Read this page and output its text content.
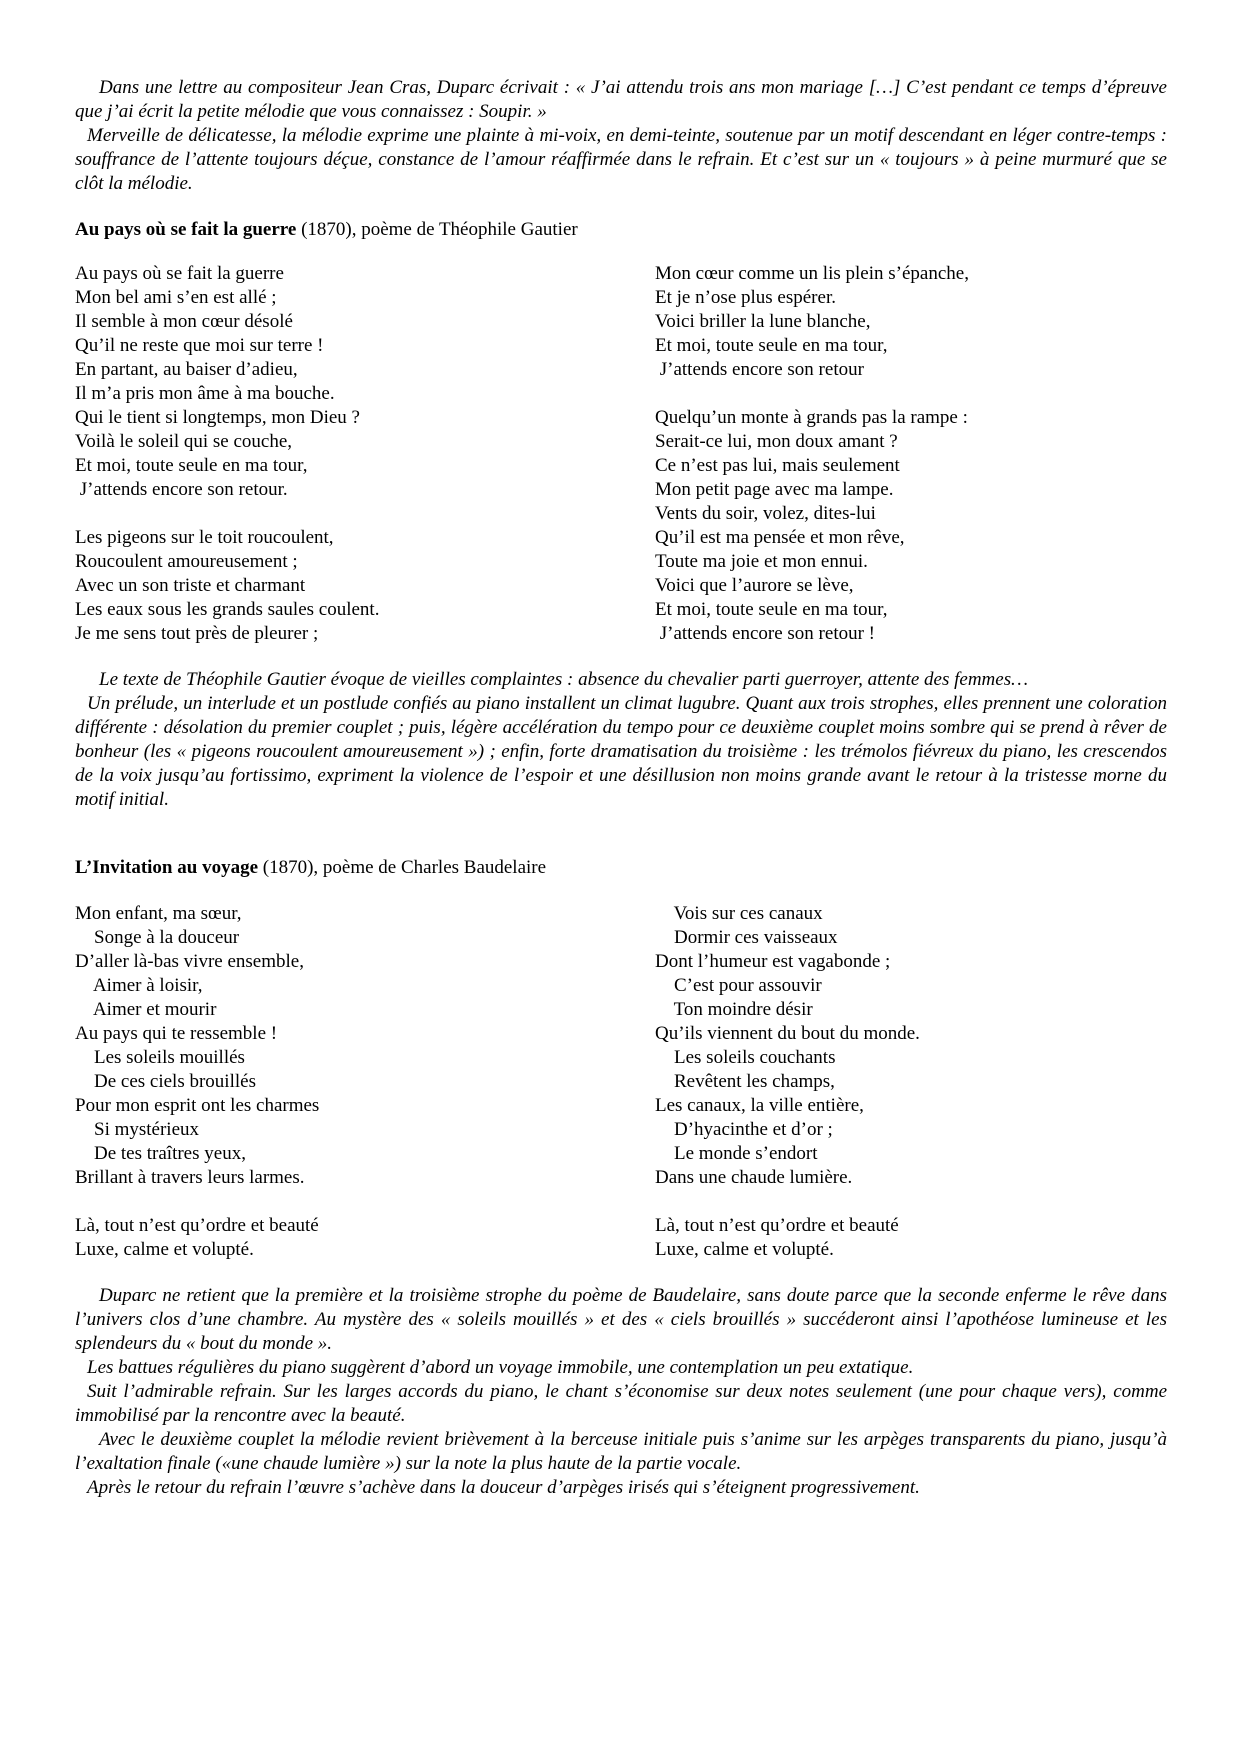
Dans une lettre au compositeur Jean Cras, Duparc écrivait : « J’ai attendu trois ans mon mariage […] C’est pendant ce temps d’épreuve que j’ai écrit la petite mélodie que vous connaissez : Soupir. »

Merveille de délicatesse, la mélodie exprime une plainte à mi-voix, en demi-teinte, soutenue par un motif descendant en léger contre-temps : souffrance de l’attente toujours déçue, constance de l’amour réaffirmée dans le refrain. Et c’est sur un « toujours » à peine murmuré que se clôt la mélodie.

Au pays où se fait la guerre (1870), poème de Théophile Gautier

Au pays où se fait la guerre
Mon bel ami s’en est allé ;
Il semble à mon cœur désolé
Qu’il ne reste que moi sur terre !
En partant, au baiser d’adieu,
Il m’a pris mon âme à ma bouche.
Qui le tient si longtemps, mon Dieu ?
Voilà le soleil qui se couche,
Et moi, toute seule en ma tour,
J’attends encore son retour.
Les pigeons sur le toit roucoulent,
Roucoulent amoureusement ;
Avec un son triste et charmant
Les eaux sous les grands saules coulent.
Je me sens tout près de pleurer ;
Mon cœur comme un lis plein s’épanche,
Et je n’ose plus espérer.
Voici briller la lune blanche,
Et moi, toute seule en ma tour,
J’attends encore son retour
Quelqu’un monte à grands pas la rampe :
Serait-ce lui, mon doux amant ?
Ce n’est pas lui, mais seulement
Mon petit page avec ma lampe.
Vents du soir, volez, dites-lui
Qu’il est ma pensée et mon rêve,
Toute ma joie et mon ennui.
Voici que l’aurore se lève,
Et moi, toute seule en ma tour,
J’attends encore son retour !

Le texte de Théophile Gautier évoque de vieilles complaintes : absence du chevalier parti guerroyer, attente des femmes…

Un prélude, un interlude et un postlude confiés au piano installent un climat lugubre. Quant aux trois strophes, elles prennent une coloration différente : désolation du premier couplet ; puis, légère accélération du tempo pour ce deuxième couplet moins sombre qui se prend à rêver de bonheur (les « pigeons roucoulent amoureusement ») ; enfin, forte dramatisation du troisième : les trémolos fiévreux du piano, les crescendos de la voix jusqu’au fortissimo, expriment la violence de l’espoir et une désillusion non moins grande avant le retour à la tristesse morne du motif initial.

L’Invitation au voyage (1870), poème de Charles Baudelaire

Mon enfant, ma sœur,
Songe à la douceur
D’aller là-bas vivre ensemble,
Aimer à loisir,
Aimer et mourir
Au pays qui te ressemble !
Les soleils mouillés
De ces ciels brouillés
Pour mon esprit ont les charmes
Si mystérieux
De tes traîtres yeux,
Brillant à travers leurs larmes.
Là, tout n’est qu’ordre et beauté
Luxe, calme et volupté.
Vois sur ces canaux
Dormir ces vaisseaux
Dont l’humeur est vagabonde ;
C’est pour assouvir
Ton moindre désir
Qu’ils viennent du bout du monde.
Les soleils couchants
Revêtent les champs,
Les canaux, la ville entière,
D’hyacinthe et d’or ;
Le monde s’endort
Dans une chaude lumière.
Là, tout n’est qu’ordre et beauté
Luxe, calme et volupté.

Duparc ne retient que la première et la troisième strophe du poème de Baudelaire, sans doute parce que la seconde enferme le rêve dans l’univers clos d’une chambre. Au mystère des « soleils mouillés » et des « ciels brouillés » succéderont ainsi l’apothéose lumineuse et les splendeurs du « bout du monde ».

Les battues régulières du piano suggèrent d’abord un voyage immobile, une contemplation un peu extatique.

Suit l’admirable refrain. Sur les larges accords du piano, le chant s’économise sur deux notes seulement (une pour chaque vers), comme immobilisé par la rencontre avec la beauté.

Avec le deuxième couplet la mélodie revient brièvement à la berceuse initiale puis s’anime sur les arpèges transparents du piano, jusqu’à l’exaltation finale («une chaude lumière ») sur la note la plus haute de la partie vocale.

Après le retour du refrain l’œuvre s’achève dans la douceur d’arpèges irisés qui s’éteignent progressivement.
